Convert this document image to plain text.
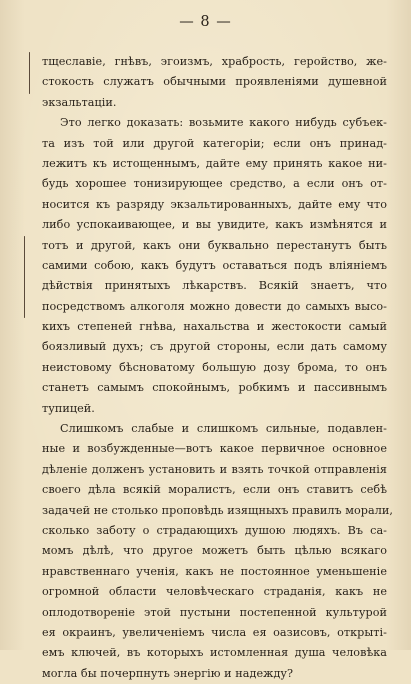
— 8 —
тщеславіе, гнѣвъ, эгоизмъ, храбрость, геройство, же-
стокость служатъ обычными проявленіями душевной
экзальтаціи.
Это легко доказать: возьмите какого нибудь субъек-
та изъ той или другой категоріи; если онъ принад-
лежитъ къ истощеннымъ, дайте ему принять какое ни-
будь хорошее тонизирующее средство, а если онъ от-
носится къ разряду экзальтированныхъ, дайте ему что
либо успокаивающее, и вы увидите, какъ измѣнятся и
тотъ и другой, какъ они буквально перестанутъ быть
самими собою, какъ будутъ оставаться подъ вліяніемъ
дѣйствія принятыхъ лѣкарствъ. Всякій знаетъ, что
посредствомъ алкоголя можно довести до самыхъ высо-
кихъ степеней гнѣва, нахальства и жестокости самый
боязливый духъ; съ другой стороны, если дать самому
неистовому бѣсноватому большую дозу брома, то онъ
станетъ самымъ спокойнымъ, робкимъ и пассивнымъ
тупицей.
Слишкомъ слабые и слишкомъ сильные, подавлен-
ные и возбужденные—вотъ какое первичное основное
дѣленіе долженъ установить и взять точкой отправленія
своего дѣла всякій моралистъ, если онъ ставитъ себѣ
задачей не столько проповѣдь изящныхъ правилъ морали,
сколько заботу о страдающихъ душою людяхъ. Въ са-
момъ дѣлѣ, что другое можетъ быть цѣлью всякаго
нравственнаго ученія, какъ не постоянное уменьшеніе
огромной области человѣческаго страданія, какъ не
оплодотвореніе этой пустыни постепенной культурой
ея окраинъ, увеличеніемъ числа ея оазисовъ, открыті-
емъ ключей, въ которыхъ истомленная душа человѣка
могла бы почерпнуть энергію и надежду?
